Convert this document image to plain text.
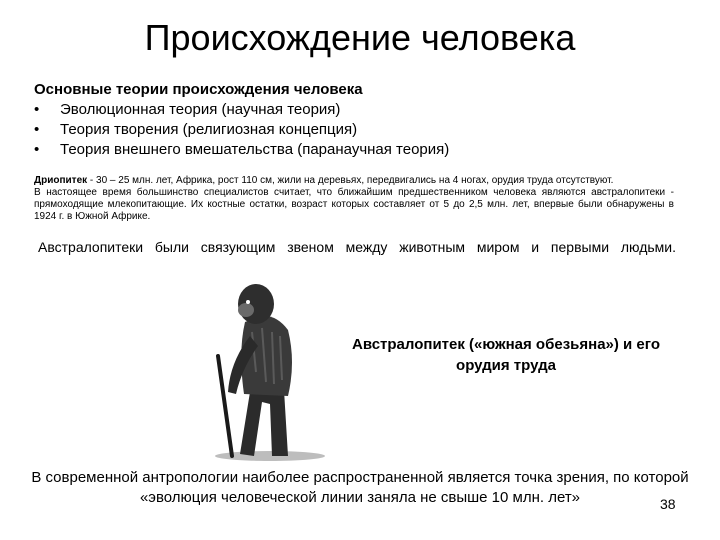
Происхождение человека
Основные теории происхождения человека
• Эволюционная теория (научная теория)
• Теория творения (религиозная концепция)
• Теория внешнего вмешательства (паранаучная теория)

Дриопитек - 30 – 25 млн. лет, Африка, рост 110 см, жили на деревьях, передвигались на 4 ногах, орудия труда отсутствуют.

В настоящее время большинство специалистов считает, что ближайшим предшественником человека являются австралопитеки - прямоходящие млекопитающие. Их костные остатки, возраст которых составляет от 5 до 2,5 млн. лет, впервые были обнаружены в 1924 г. в Южной Африке.

Австралопитеки были связующим звеном между животным миром и первыми людьми.
Австралопитек («южная обезьяна») и его орудия труда
В современной антропологии наиболее распространенной является точка зрения, по которой «эволюция человеческой линии заняла не свыше 10 млн. лет»	38
